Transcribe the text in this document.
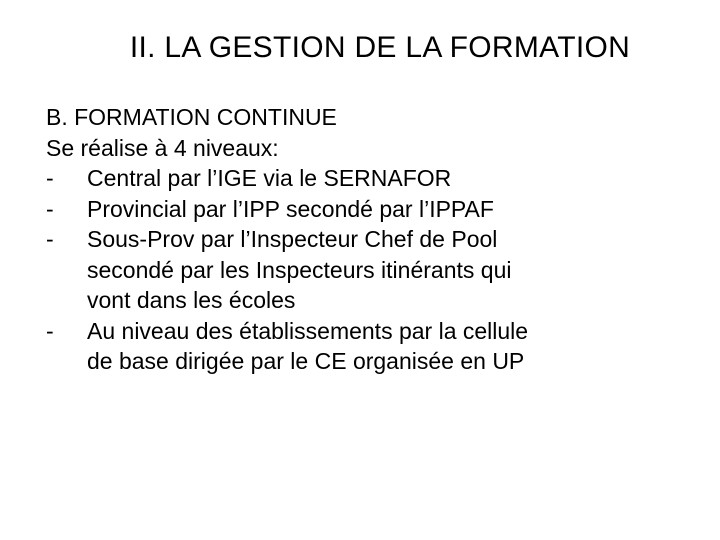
II. LA GESTION DE LA FORMATION
B. FORMATION CONTINUE
Se réalise à 4 niveaux:
- Central par l’IGE via le SERNAFOR
- Provincial par l’IPP secondé par l’IPPAF
- Sous-Prov par l’Inspecteur Chef de Pool
secondé par les Inspecteurs itinérants qui
vont dans les écoles
- Au niveau des établissements par la cellule
de base dirigée par le CE organisée en UP
